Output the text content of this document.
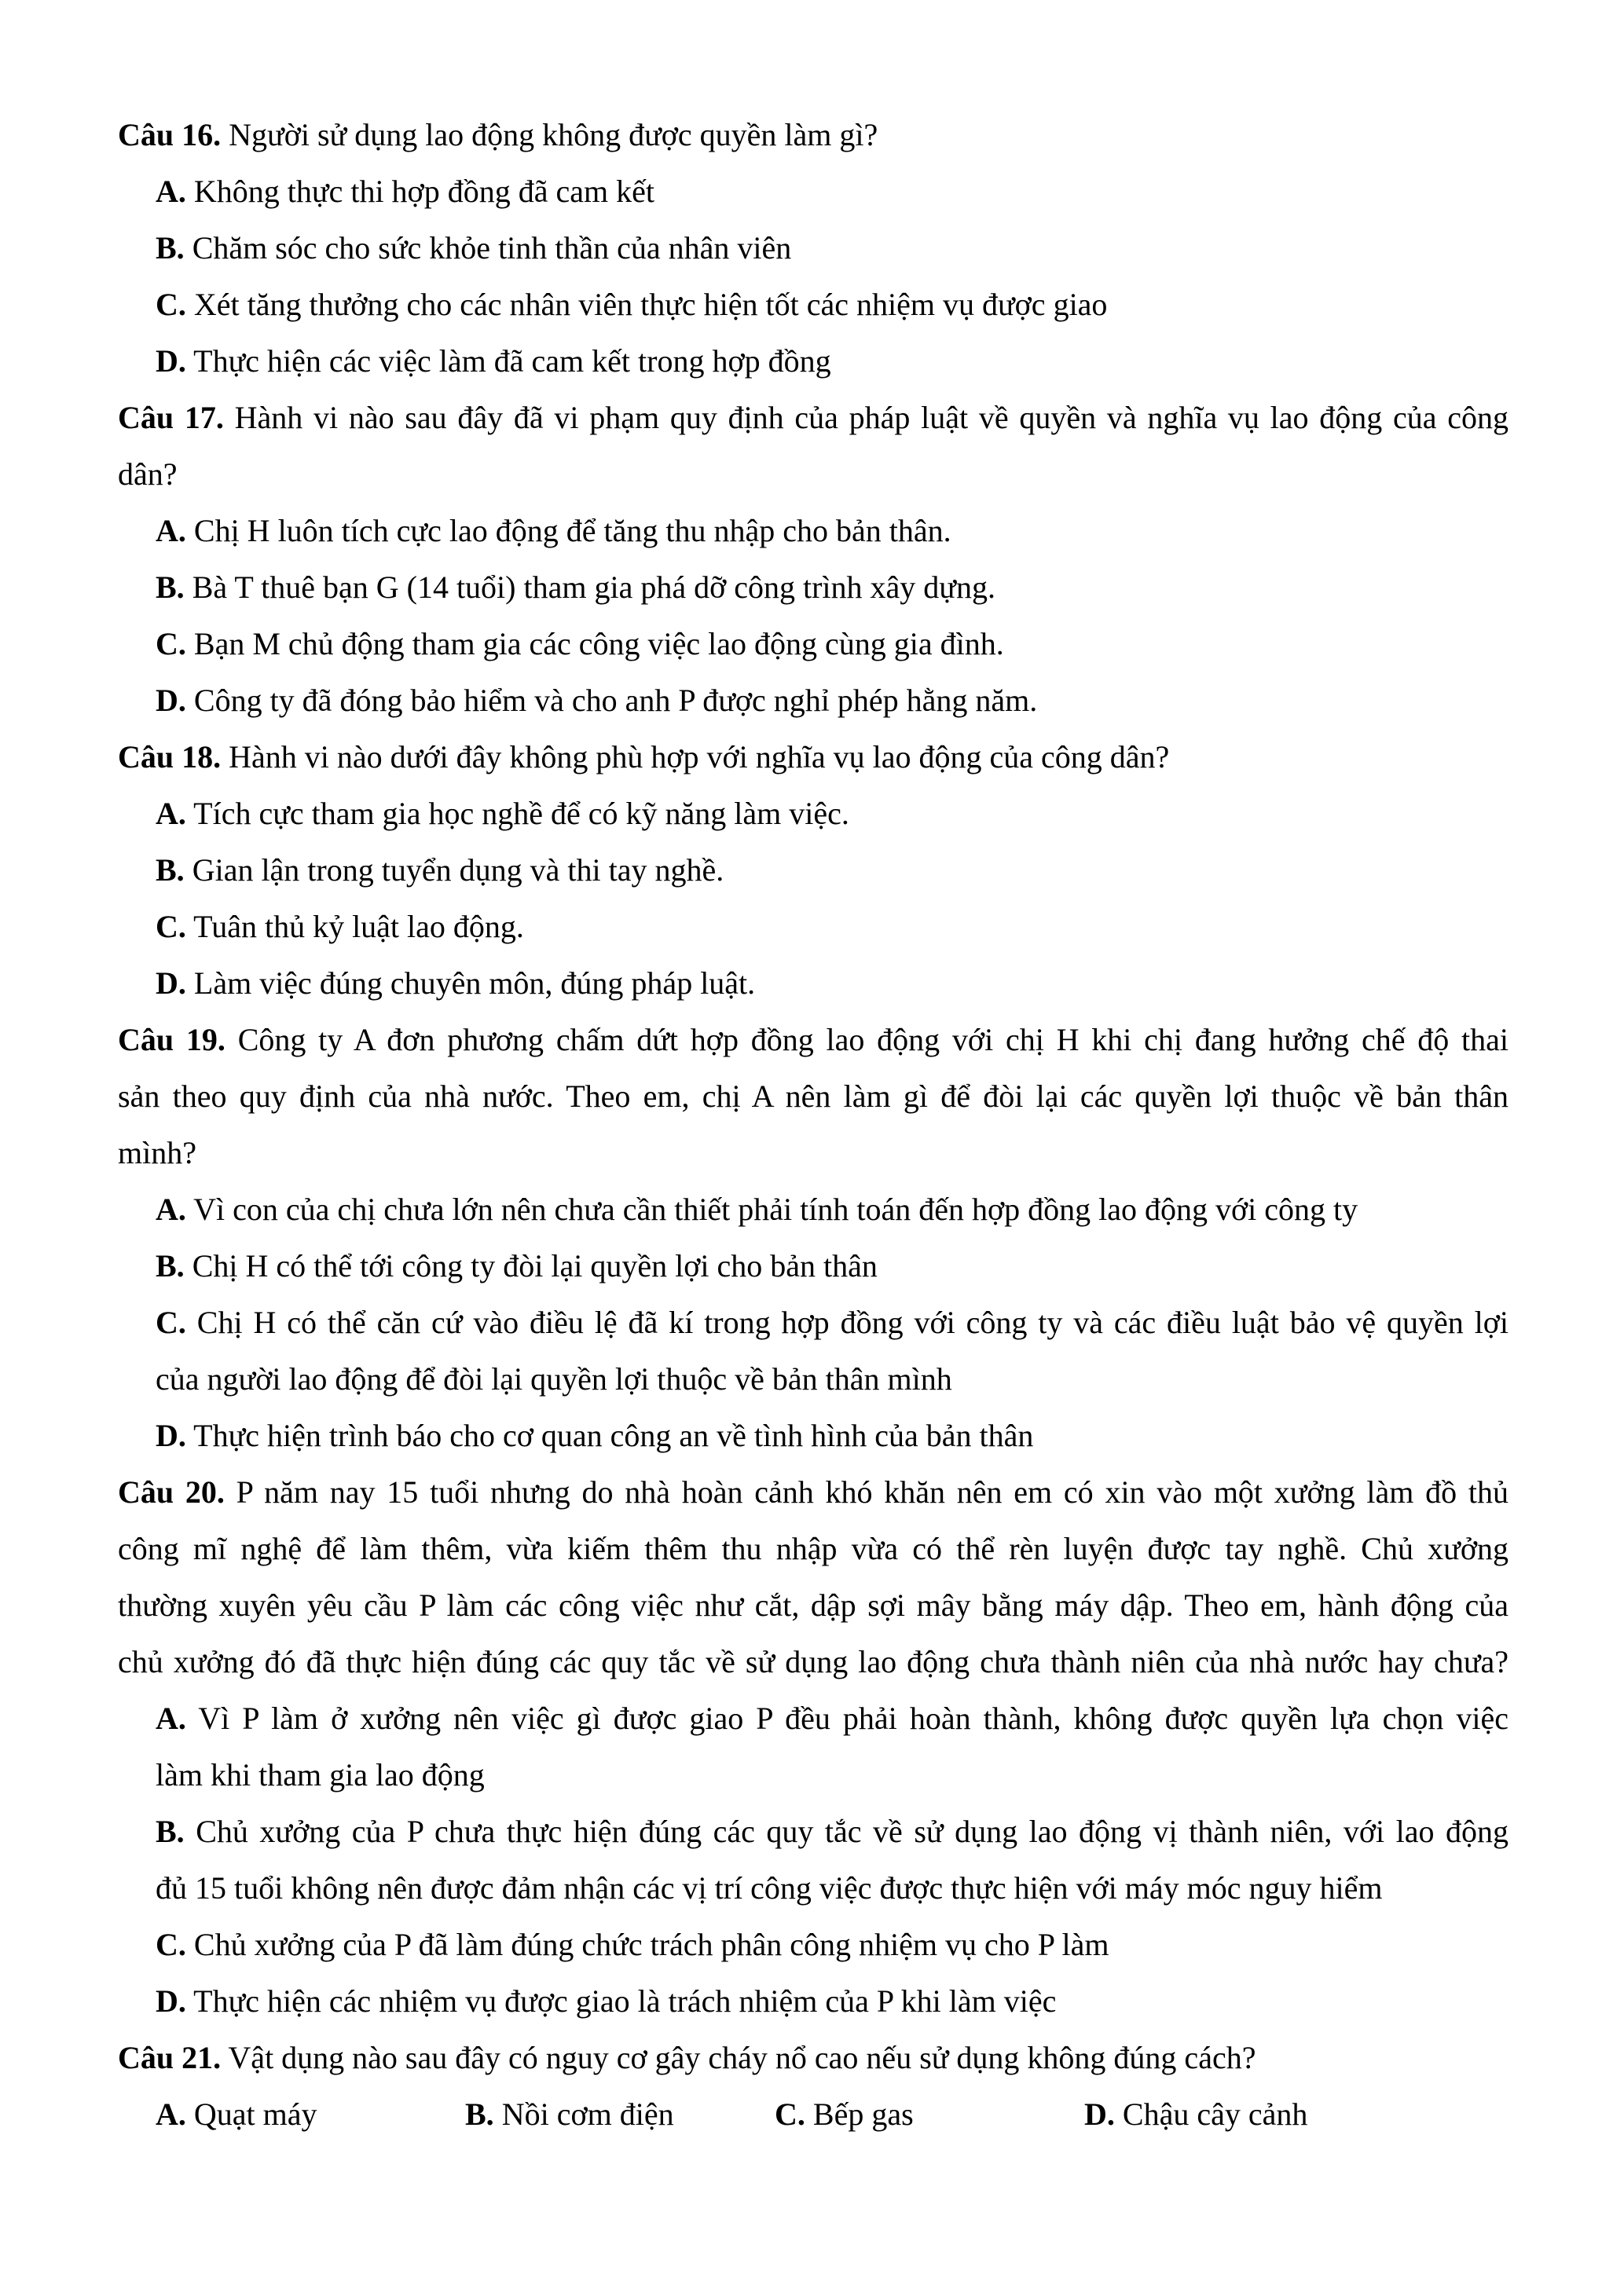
Câu 16. Người sử dụng lao động không được quyền làm gì?
A. Không thực thi hợp đồng đã cam kết
B. Chăm sóc cho sức khỏe tinh thần của nhân viên
C. Xét tăng thưởng cho các nhân viên thực hiện tốt các nhiệm vụ được giao
D. Thực hiện các việc làm đã cam kết trong hợp đồng
Câu 17. Hành vi nào sau đây đã vi phạm quy định của pháp luật về quyền và nghĩa vụ lao động của công
dân?
A. Chị H luôn tích cực lao động để tăng thu nhập cho bản thân.
B. Bà T thuê bạn G (14 tuổi) tham gia phá dỡ công trình xây dựng.
C. Bạn M chủ động tham gia các công việc lao động cùng gia đình.
D. Công ty đã đóng bảo hiểm và cho anh P được nghỉ phép hằng năm.
Câu 18. Hành vi nào dưới đây không phù hợp với nghĩa vụ lao động của công dân?
A. Tích cực tham gia học nghề để có kỹ năng làm việc.
B. Gian lận trong tuyển dụng và thi tay nghề.
C. Tuân thủ kỷ luật lao động.
D. Làm việc đúng chuyên môn, đúng pháp luật.
Câu 19. Công ty A đơn phương chấm dứt hợp đồng lao động với chị H khi chị đang hưởng chế độ thai
sản theo quy định của nhà nước. Theo em, chị A nên làm gì để đòi lại các quyền lợi thuộc về bản thân
mình?
A. Vì con của chị chưa lớn nên chưa cần thiết phải tính toán đến hợp đồng lao động với công ty
B. Chị H có thể tới công ty đòi lại quyền lợi cho bản thân
C. Chị H có thể căn cứ vào điều lệ đã kí trong hợp đồng với công ty và các điều luật bảo vệ quyền lợi
của người lao động để đòi lại quyền lợi thuộc về bản thân mình
D. Thực hiện trình báo cho cơ quan công an về tình hình của bản thân
Câu 20. P năm nay 15 tuổi nhưng do nhà hoàn cảnh khó khăn nên em có xin vào một xưởng làm đồ thủ
công mĩ nghệ để làm thêm, vừa kiếm thêm thu nhập vừa có thể rèn luyện được tay nghề. Chủ xưởng
thường xuyên yêu cầu P làm các công việc như cắt, dập sợi mây bằng máy dập. Theo em, hành động của
chủ xưởng đó đã thực hiện đúng các quy tắc về sử dụng lao động chưa thành niên của nhà nước hay chưa?
A. Vì P làm ở xưởng nên việc gì được giao P đều phải hoàn thành, không được quyền lựa chọn việc
làm khi tham gia lao động
B. Chủ xưởng của P chưa thực hiện đúng các quy tắc về sử dụng lao động vị thành niên, với lao động
đủ 15 tuổi không nên được đảm nhận các vị trí công việc được thực hiện với máy móc nguy hiểm
C. Chủ xưởng của P đã làm đúng chức trách phân công nhiệm vụ cho P làm
D. Thực hiện các nhiệm vụ được giao là trách nhiệm của P khi làm việc
Câu 21. Vật dụng nào sau đây có nguy cơ gây cháy nổ cao nếu sử dụng không đúng cách?
A. Quạt máy	B. Nồi cơm điện	C. Bếp gas	D. Chậu cây cảnh
